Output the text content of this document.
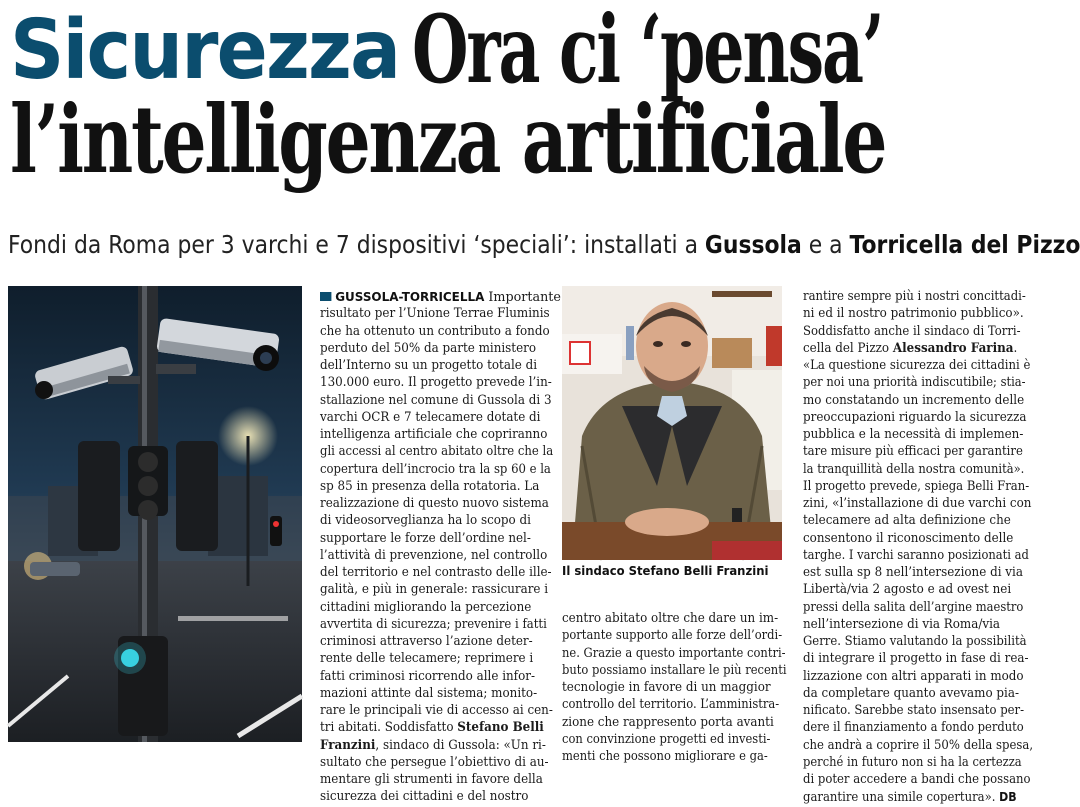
Sicurezza Ora ci ‘pensa’
l’intelligenza artificiale
Fondi da Roma per 3 varchi e 7 dispositivi ‘speciali’: installati a Gussola e a Torricella del Pizzo
GUSSOLA-TORRICELLA Importante
risultato per l’Unione Terrae Fluminis
che ha ottenuto un contributo a fondo
perduto del 50% da parte ministero
dell’Interno su un progetto totale di
130.000 euro. Il progetto prevede l’in-
stallazione nel comune di Gussola di 3
varchi OCR e 7 telecamere dotate di
intelligenza artificiale che copriranno
gli accessi al centro abitato oltre che la
copertura dell’incrocio tra la sp 60 e la
sp 85 in presenza della rotatoria. La
realizzazione di questo nuovo sistema
di videosorveglianza ha lo scopo di
supportare le forze dell’ordine nel-
l’attività di prevenzione, nel controllo
del territorio e nel contrasto delle ille-
galità, e più in generale: rassicurare i
cittadini migliorando la percezione
avvertita di sicurezza; prevenire i fatti
criminosi attraverso l’azione deter-
rente delle telecamere; reprimere i
fatti criminosi ricorrendo alle infor-
mazioni attinte dal sistema; monito-
rare le principali vie di accesso ai cen-
tri abitati. Soddisfatto Stefano Belli
Franzini, sindaco di Gussola: «Un ri-
sultato che persegue l’obiettivo di au-
mentare gli strumenti in favore della
sicurezza dei cittadini e del nostro
Il sindaco Stefano Belli Franzini
centro abitato oltre che dare un im-
portante supporto alle forze dell’ordi-
ne. Grazie a questo importante contri-
buto possiamo installare le più recenti
tecnologie in favore di un maggior
controllo del territorio. L’amministra-
zione che rappresento porta avanti
con convinzione progetti ed investi-
menti che possono migliorare e ga-
rantire sempre più i nostri concittadi-
ni ed il nostro patrimonio pubblico».
Soddisfatto anche il sindaco di Torri-
cella del Pizzo Alessandro Farina.
«La questione sicurezza dei cittadini è
per noi una priorità indiscutibile; stia-
mo constatando un incremento delle
preoccupazioni riguardo la sicurezza
pubblica e la necessità di implemen-
tare misure più efficaci per garantire
la tranquillità della nostra comunità».
Il progetto prevede, spiega Belli Fran-
zini, «l’installazione di due varchi con
telecamere ad alta definizione che
consentono il riconoscimento delle
targhe. I varchi saranno posizionati ad
est sulla sp 8 nell’intersezione di via
Libertà/via 2 agosto e ad ovest nei
pressi della salita dell’argine maestro
nell’intersezione di via Roma/via
Gerre. Stiamo valutando la possibilità
di integrare il progetto in fase di rea-
lizzazione con altri apparati in modo
da completare quanto avevamo pia-
nificato. Sarebbe stato insensato per-
dere il finanziamento a fondo perduto
che andrà a coprire il 50% della spesa,
perché in futuro non si ha la certezza
di poter accedere a bandi che possano
garantire una simile copertura». DB
